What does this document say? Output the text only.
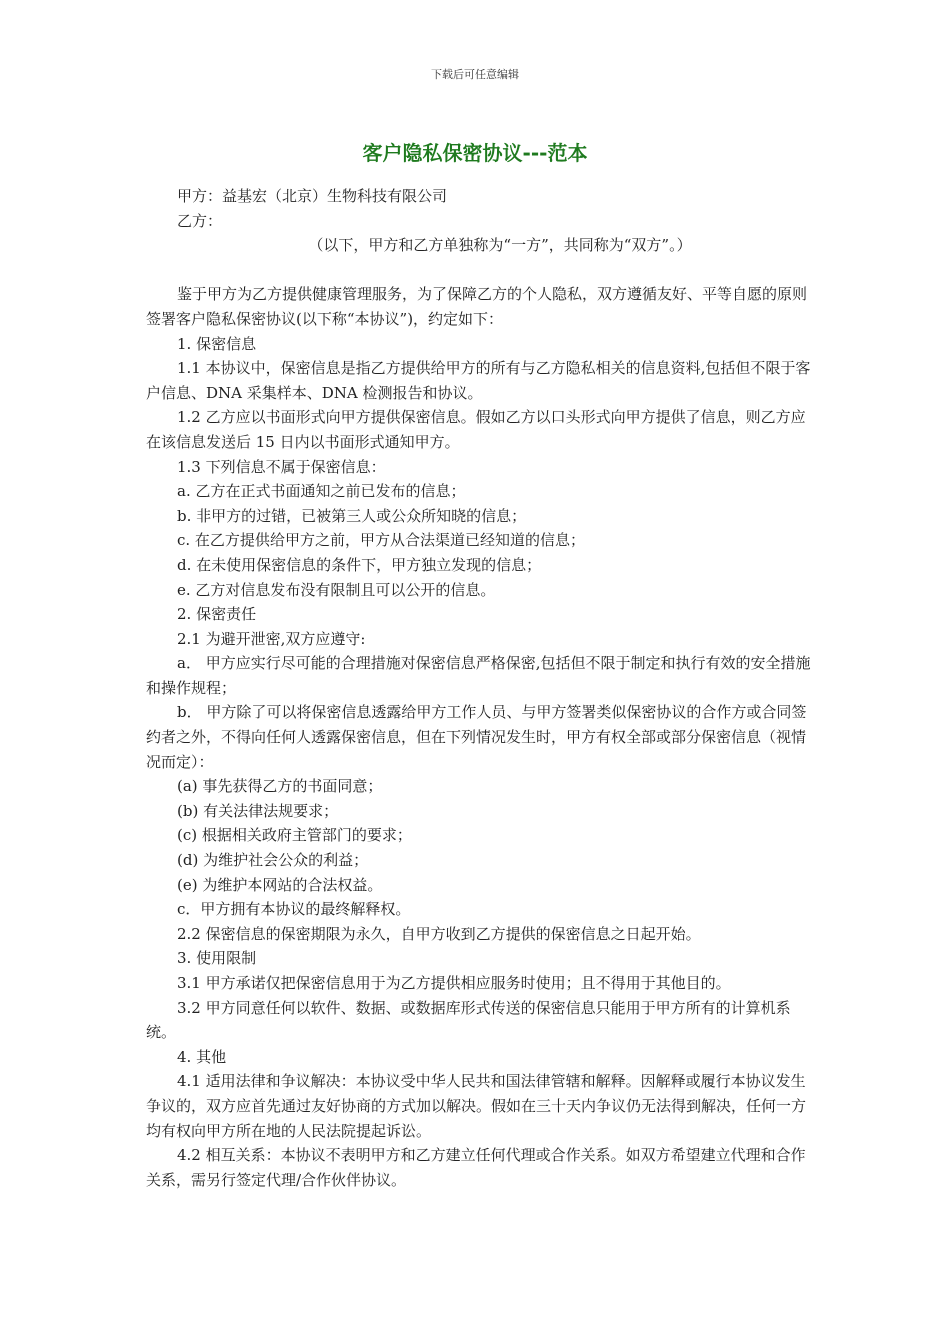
下载后可任意编辑
客户隐私保密协议---范本

甲方：益基宏（北京）生物科技有限公司

乙方：

（以下，甲方和乙方单独称为“一方”，共同称为“双方”。）

鉴于甲方为乙方提供健康管理服务，为了保障乙方的个人隐私，双方遵循友好、平等自愿的原则签署客户隐私保密协议(以下称“本协议”)，约定如下：

1. 保密信息

1.1 本协议中，保密信息是指乙方提供给甲方的所有与乙方隐私相关的信息资料,包括但不限于客户信息、DNA 采集样本、DNA 检测报告和协议。

1.2 乙方应以书面形式向甲方提供保密信息。假如乙方以口头形式向甲方提供了信息，则乙方应在该信息发送后 15 日内以书面形式通知甲方。

1.3 下列信息不属于保密信息：

a. 乙方在正式书面通知之前已发布的信息；

b. 非甲方的过错，已被第三人或公众所知晓的信息；

c. 在乙方提供给甲方之前，甲方从合法渠道已经知道的信息；

d. 在未使用保密信息的条件下，甲方独立发现的信息；

e. 乙方对信息发布没有限制且可以公开的信息。

2. 保密责任

2.1 为避开泄密,双方应遵守:

a． 甲方应实行尽可能的合理措施对保密信息严格保密,包括但不限于制定和执行有效的安全措施和操作规程；

b． 甲方除了可以将保密信息透露给甲方工作人员、与甲方签署类似保密协议的合作方或合同签约者之外，不得向任何人透露保密信息，但在下列情况发生时，甲方有权全部或部分保密信息（视情况而定）：

(a) 事先获得乙方的书面同意；

(b) 有关法律法规要求；

(c) 根据相关政府主管部门的要求；

(d) 为维护社会公众的利益；

(e) 为维护本网站的合法权益。

c．甲方拥有本协议的最终解释权。

2.2 保密信息的保密期限为永久，自甲方收到乙方提供的保密信息之日起开始。

3. 使用限制

3.1 甲方承诺仅把保密信息用于为乙方提供相应服务时使用；且不得用于其他目的。

3.2 甲方同意任何以软件、数据、或数据库形式传送的保密信息只能用于甲方所有的计算机系统。

4. 其他

4.1 适用法律和争议解决：本协议受中华人民共和国法律管辖和解释。因解释或履行本协议发生争议的，双方应首先通过友好协商的方式加以解决。假如在三十天内争议仍无法得到解决，任何一方均有权向甲方所在地的人民法院提起诉讼。

4.2 相互关系：本协议不表明甲方和乙方建立任何代理或合作关系。如双方希望建立代理和合作关系，需另行签定代理/合作伙伴协议。
